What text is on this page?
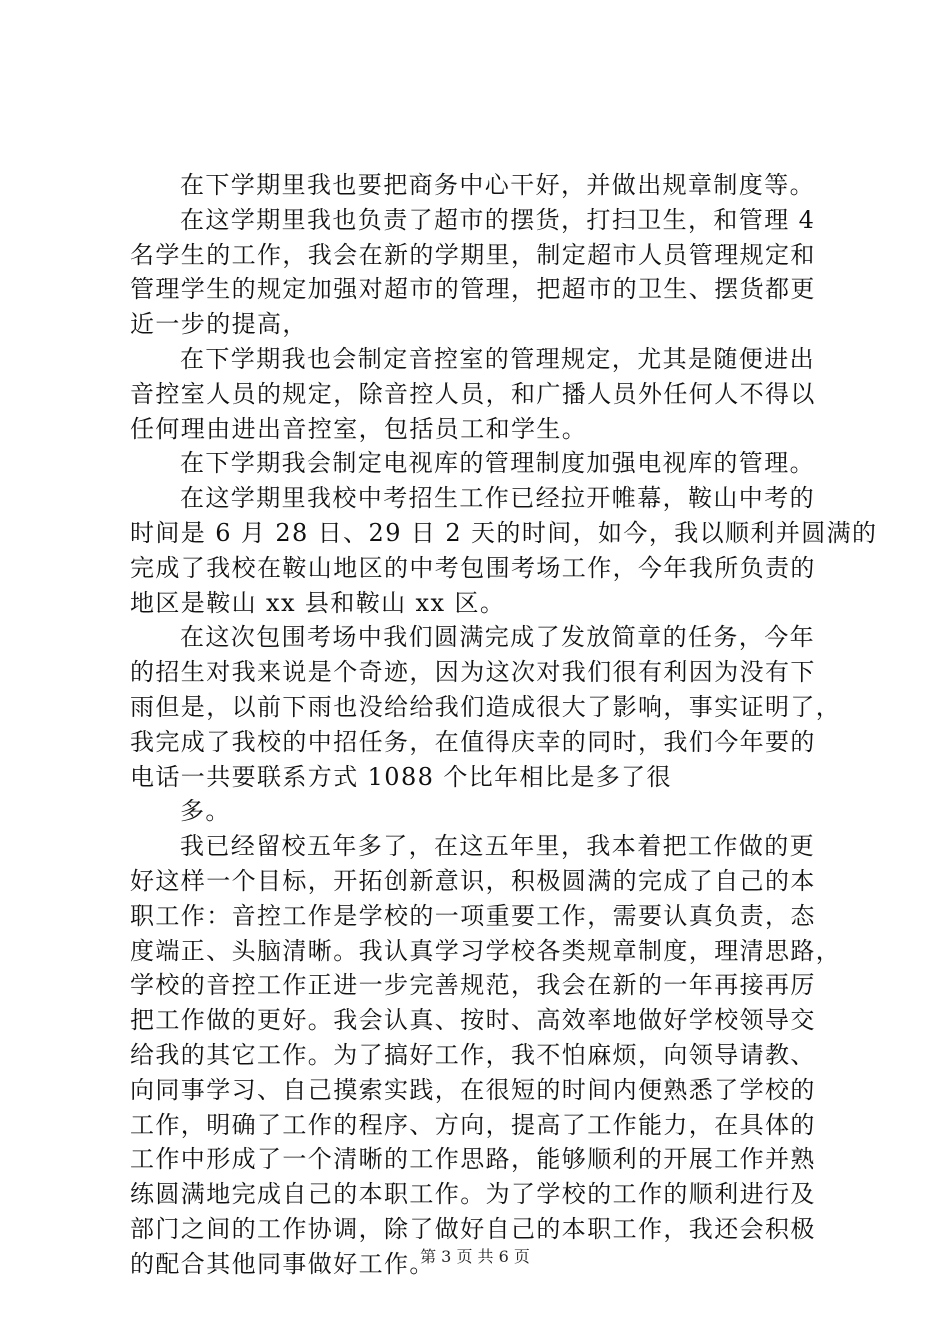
在下学期里我也要把商务中心干好，并做出规章制度等。
在这学期里我也负责了超市的摆货，打扫卫生，和管理 4
名学生的工作，我会在新的学期里，制定超市人员管理规定和
管理学生的规定加强对超市的管理，把超市的卫生、摆货都更
近一步的提高，
在下学期我也会制定音控室的管理规定，尤其是随便进出
音控室人员的规定，除音控人员，和广播人员外任何人不得以
任何理由进出音控室，包括员工和学生。
在下学期我会制定电视库的管理制度加强电视库的管理。
在这学期里我校中考招生工作已经拉开帷幕，鞍山中考的
时间是 6 月 28 日、29 日 2 天的时间，如今，我以顺利并圆满的
完成了我校在鞍山地区的中考包围考场工作，今年我所负责的
地区是鞍山 xx 县和鞍山 xx 区。
在这次包围考场中我们圆满完成了发放简章的任务，今年
的招生对我来说是个奇迹，因为这次对我们很有利因为没有下
雨但是，以前下雨也没给给我们造成很大了影响，事实证明了，
我完成了我校的中招任务，在值得庆幸的同时，我们今年要的
电话一共要联系方式 1088 个比年相比是多了很
多。
我已经留校五年多了，在这五年里，我本着把工作做的更
好这样一个目标，开拓创新意识，积极圆满的完成了自己的本
职工作：音控工作是学校的一项重要工作，需要认真负责，态
度端正、头脑清晰。我认真学习学校各类规章制度，理清思路，
学校的音控工作正进一步完善规范，我会在新的一年再接再厉
把工作做的更好。我会认真、按时、高效率地做好学校领导交
给我的其它工作。为了搞好工作，我不怕麻烦，向领导请教、
向同事学习、自己摸索实践，在很短的时间内便熟悉了学校的
工作，明确了工作的程序、方向，提高了工作能力，在具体的
工作中形成了一个清晰的工作思路，能够顺利的开展工作并熟
练圆满地完成自己的本职工作。为了学校的工作的顺利进行及
部门之间的工作协调，除了做好自己的本职工作，我还会积极
的配合其他同事做好工作。
第 3 页 共 6 页
